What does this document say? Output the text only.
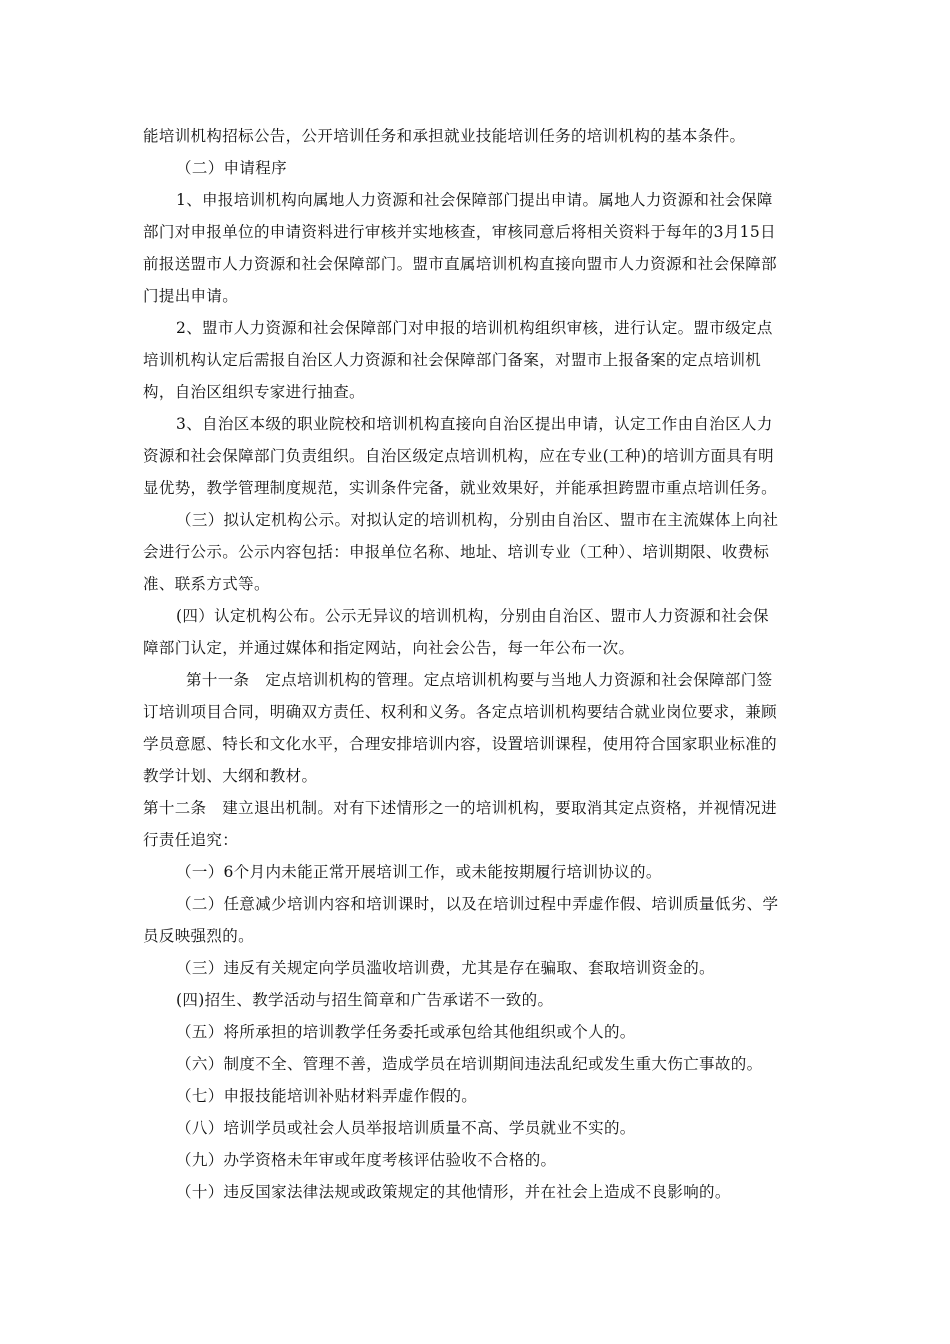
能培训机构招标公告，公开培训任务和承担就业技能培训任务的培训机构的基本条件。
（二）申请程序
1、申报培训机构向属地人力资源和社会保障部门提出申请。属地人力资源和社会保障
部门对申报单位的申请资料进行审核并实地核查，审核同意后将相关资料于每年的3月15日
前报送盟市人力资源和社会保障部门。盟市直属培训机构直接向盟市人力资源和社会保障部
门提出申请。
2、盟市人力资源和社会保障部门对申报的培训机构组织审核，进行认定。盟市级定点
培训机构认定后需报自治区人力资源和社会保障部门备案，对盟市上报备案的定点培训机
构，自治区组织专家进行抽查。
3、自治区本级的职业院校和培训机构直接向自治区提出申请，认定工作由自治区人力
资源和社会保障部门负责组织。自治区级定点培训机构，应在专业(工种)的培训方面具有明
显优势，教学管理制度规范，实训条件完备，就业效果好，并能承担跨盟市重点培训任务。
（三）拟认定机构公示。对拟认定的培训机构，分别由自治区、盟市在主流媒体上向社
会进行公示。公示内容包括：申报单位名称、地址、培训专业（工种）、培训期限、收费标
准、联系方式等。
(四）认定机构公布。公示无异议的培训机构，分别由自治区、盟市人力资源和社会保
障部门认定，并通过媒体和指定网站，向社会公告，每一年公布一次。
第十一条　定点培训机构的管理。定点培训机构要与当地人力资源和社会保障部门签
订培训项目合同，明确双方责任、权利和义务。各定点培训机构要结合就业岗位要求，兼顾
学员意愿、特长和文化水平，合理安排培训内容，设置培训课程，使用符合国家职业标准的
教学计划、大纲和教材。
第十二条　建立退出机制。对有下述情形之一的培训机构，要取消其定点资格，并视情况进
行责任追究：
（一）6个月内未能正常开展培训工作，或未能按期履行培训协议的。
（二）任意减少培训内容和培训课时，以及在培训过程中弄虚作假、培训质量低劣、学
员反映强烈的。
（三）违反有关规定向学员滥收培训费，尤其是存在骗取、套取培训资金的。
(四)招生、教学活动与招生简章和广告承诺不一致的。
（五）将所承担的培训教学任务委托或承包给其他组织或个人的。
（六）制度不全、管理不善，造成学员在培训期间违法乱纪或发生重大伤亡事故的。
（七）申报技能培训补贴材料弄虚作假的。
（八）培训学员或社会人员举报培训质量不高、学员就业不实的。
（九）办学资格未年审或年度考核评估验收不合格的。
（十）违反国家法律法规或政策规定的其他情形，并在社会上造成不良影响的。
